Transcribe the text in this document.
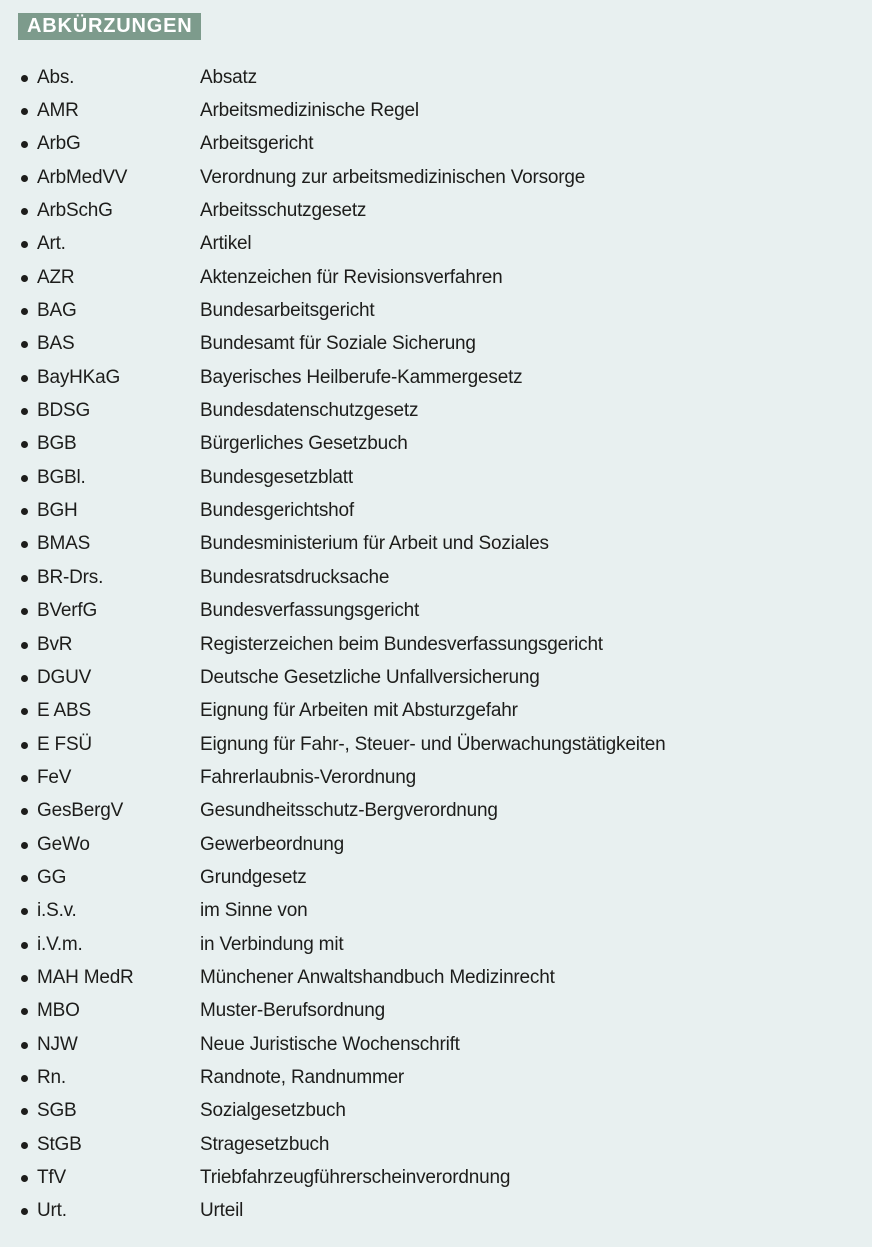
ABKÜRZUNGEN
Abs.	Absatz
AMR	Arbeitsmedizinische Regel
ArbG	Arbeitsgericht
ArbMedVV	Verordnung zur arbeitsmedizinischen Vorsorge
ArbSchG	Arbeitsschutzgesetz
Art.	Artikel
AZR	Aktenzeichen für Revisionsverfahren
BAG	Bundesarbeitsgericht
BAS	Bundesamt für Soziale Sicherung
BayHKaG	Bayerisches Heilberufe-Kammergesetz
BDSG	Bundesdatenschutzgesetz
BGB	Bürgerliches Gesetzbuch
BGBl.	Bundesgesetzblatt
BGH	Bundesgerichtshof
BMAS	Bundesministerium für Arbeit und Soziales
BR-Drs.	Bundesratsdrucksache
BVerfG	Bundesverfassungsgericht
BvR	Registerzeichen beim Bundesverfassungsgericht
DGUV	Deutsche Gesetzliche Unfallversicherung
E ABS	Eignung für Arbeiten mit Absturzgefahr
E FSÜ	Eignung für Fahr-, Steuer- und Überwachungstätigkeiten
FeV	Fahrerlaubnis-Verordnung
GesBergV	Gesundheitsschutz-Bergverordnung
GeWo	Gewerbeordnung
GG	Grundgesetz
i.S.v.	im Sinne von
i.V.m.	in Verbindung mit
MAH MedR	Münchener Anwaltshandbuch Medizinrecht
MBO	Muster-Berufsordnung
NJW	Neue Juristische Wochenschrift
Rn.	Randnote, Randnummer
SGB	Sozialgesetzbuch
StGB	Stragesetzbuch
TfV	Triebfahrzeugführerscheinverordnung
Urt.	Urteil
